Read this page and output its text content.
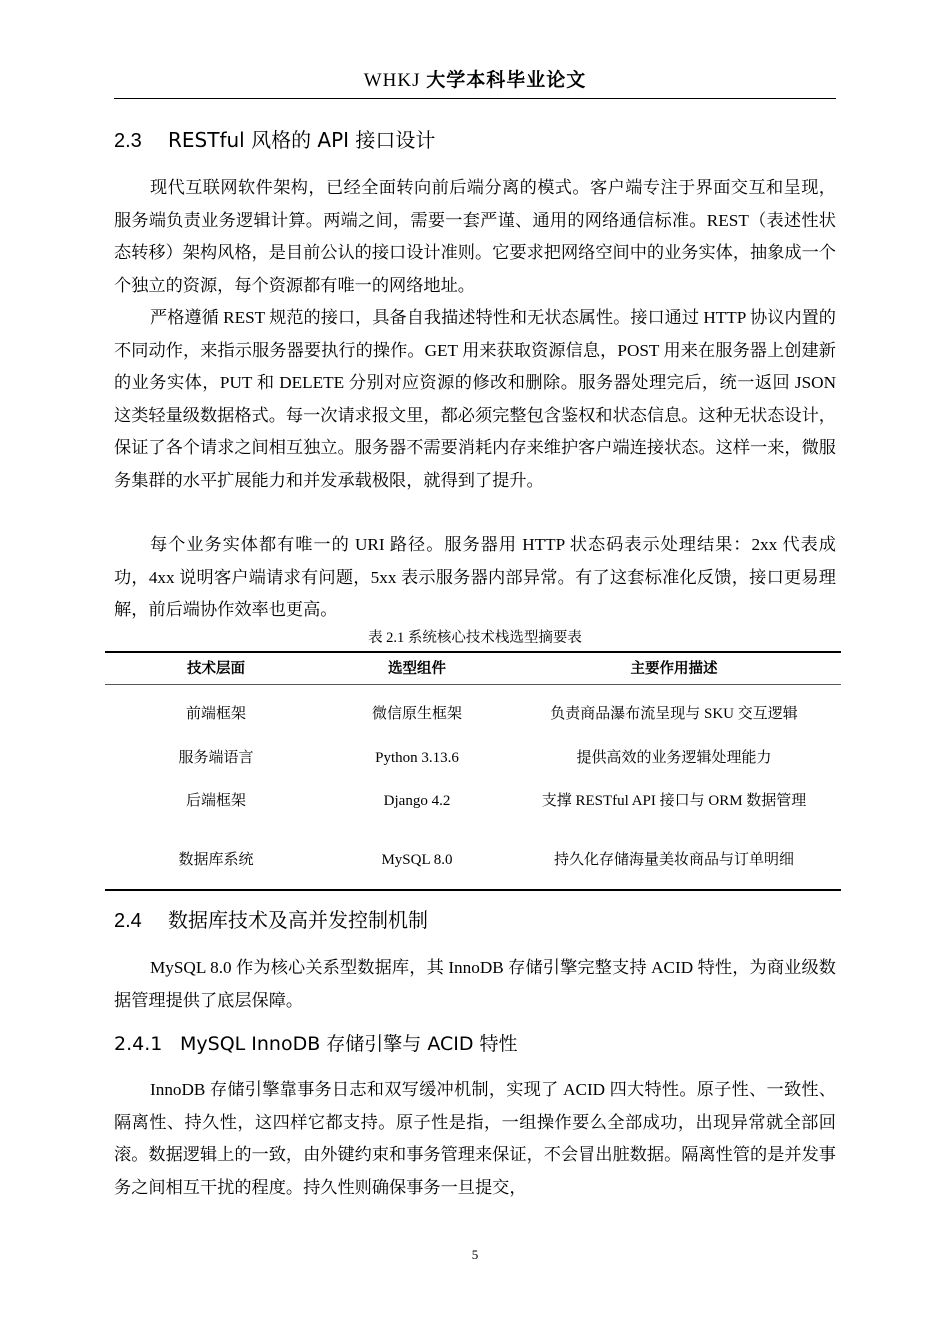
WHKJ 大学本科毕业论文
2.3 RESTful 风格的 API 接口设计

现代互联网软件架构，已经全面转向前后端分离的模式。客户端专注于界面交互和呈现，服务端负责业务逻辑计算。两端之间，需要一套严谨、通用的网络通信标准。REST（表述性状态转移）架构风格，是目前公认的接口设计准则。它要求把网络空间中的业务实体，抽象成一个个独立的资源，每个资源都有唯一的网络地址。

严格遵循 REST 规范的接口，具备自我描述特性和无状态属性。接口通过 HTTP 协议内置的不同动作，来指示服务器要执行的操作。GET 用来获取资源信息，POST 用来在服务器上创建新的业务实体，PUT 和 DELETE 分别对应资源的修改和删除。服务器处理完后，统一返回 JSON 这类轻量级数据格式。每一次请求报文里，都必须完整包含鉴权和状态信息。这种无状态设计，保证了各个请求之间相互独立。服务器不需要消耗内存来维护客户端连接状态。这样一来，微服务集群的水平扩展能力和并发承载极限，就得到了提升。

每个业务实体都有唯一的 URI 路径。服务器用 HTTP 状态码表示处理结果：2xx 代表成功，4xx 说明客户端请求有问题，5xx 表示服务器内部异常。有了这套标准化反馈，接口更易理解，前后端协作效率也更高。

表 2.1 系统核心技术栈选型摘要表
技术层面	选型组件	主要作用描述
前端框架	微信原生框架	负责商品瀑布流呈现与 SKU 交互逻辑
服务端语言	Python 3.13.6	提供高效的业务逻辑处理能力
后端框架	Django 4.2	支撑 RESTful API 接口与 ORM 数据管理
数据库系统	MySQL 8.0	持久化存储海量美妆商品与订单明细
2.4 数据库技术及高并发控制机制

MySQL 8.0 作为核心关系型数据库，其 InnoDB 存储引擎完整支持 ACID 特性，为商业级数据管理提供了底层保障。

2.4.1 MySQL InnoDB 存储引擎与 ACID 特性

InnoDB 存储引擎靠事务日志和双写缓冲机制，实现了 ACID 四大特性。原子性、一致性、隔离性、持久性，这四样它都支持。原子性是指，一组操作要么全部成功，出现异常就全部回滚。数据逻辑上的一致，由外键约束和事务管理来保证，不会冒出脏数据。隔离性管的是并发事务之间相互干扰的程度。持久性则确保事务一旦提交，

5
